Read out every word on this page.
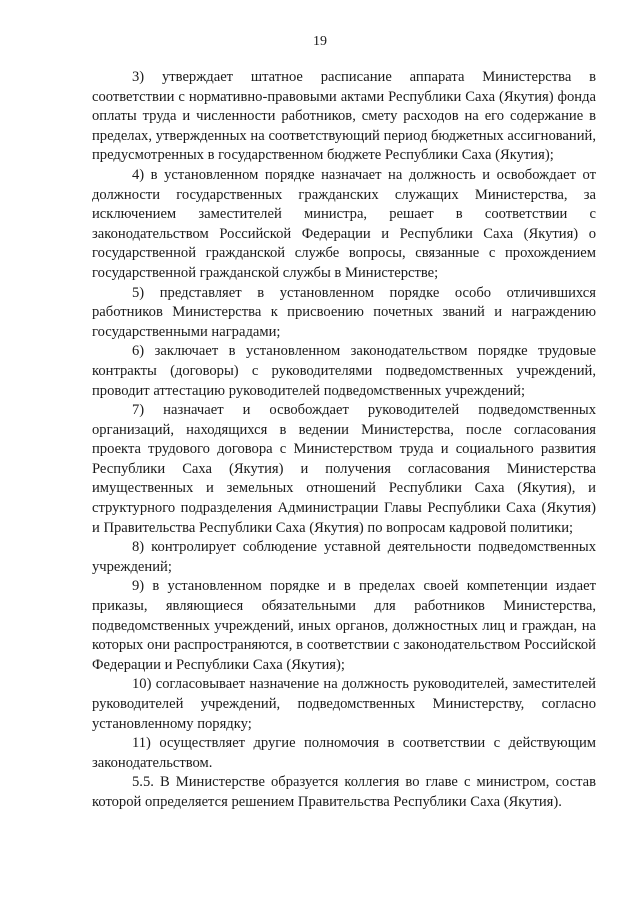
19

3) утверждает штатное расписание аппарата Министерства в соответствии с нормативно-правовыми актами Республики Саха (Якутия) фонда оплаты труда и численности работников, смету расходов на его содержание в пределах, утвержденных на соответствующий период бюджетных ассигнований, предусмотренных в государственном бюджете Республики Саха (Якутия);

4) в установленном порядке назначает на должность и освобождает от должности государственных гражданских служащих Министерства, за исключением заместителей министра, решает в соответствии с законодательством Российской Федерации и Республики Саха (Якутия) о государственной гражданской службе вопросы, связанные с прохождением государственной гражданской службы в Министерстве;

5) представляет в установленном порядке особо отличившихся работников Министерства к присвоению почетных званий и награждению государственными наградами;

6) заключает в установленном законодательством порядке трудовые контракты (договоры) с руководителями подведомственных учреждений, проводит аттестацию руководителей подведомственных учреждений;

7) назначает и освобождает руководителей подведомственных организаций, находящихся в ведении Министерства, после согласования проекта трудового договора с Министерством труда и социального развития Республики Саха (Якутия) и получения согласования Министерства имущественных и земельных отношений Республики Саха (Якутия), и структурного подразделения Администрации Главы Республики Саха (Якутия) и Правительства Республики Саха (Якутия) по вопросам кадровой политики;

8) контролирует соблюдение уставной деятельности подведомственных учреждений;

9) в установленном порядке и в пределах своей компетенции издает приказы, являющиеся обязательными для работников Министерства, подведомственных учреждений, иных органов, должностных лиц и граждан, на которых они распространяются, в соответствии с законодательством Российской Федерации и Республики Саха (Якутия);

10) согласовывает назначение на должность руководителей, заместителей руководителей учреждений, подведомственных Министерству, согласно установленному порядку;

11) осуществляет другие полномочия в соответствии с действующим законодательством.

5.5. В Министерстве образуется коллегия во главе с министром, состав которой определяется решением Правительства Республики Саха (Якутия).
